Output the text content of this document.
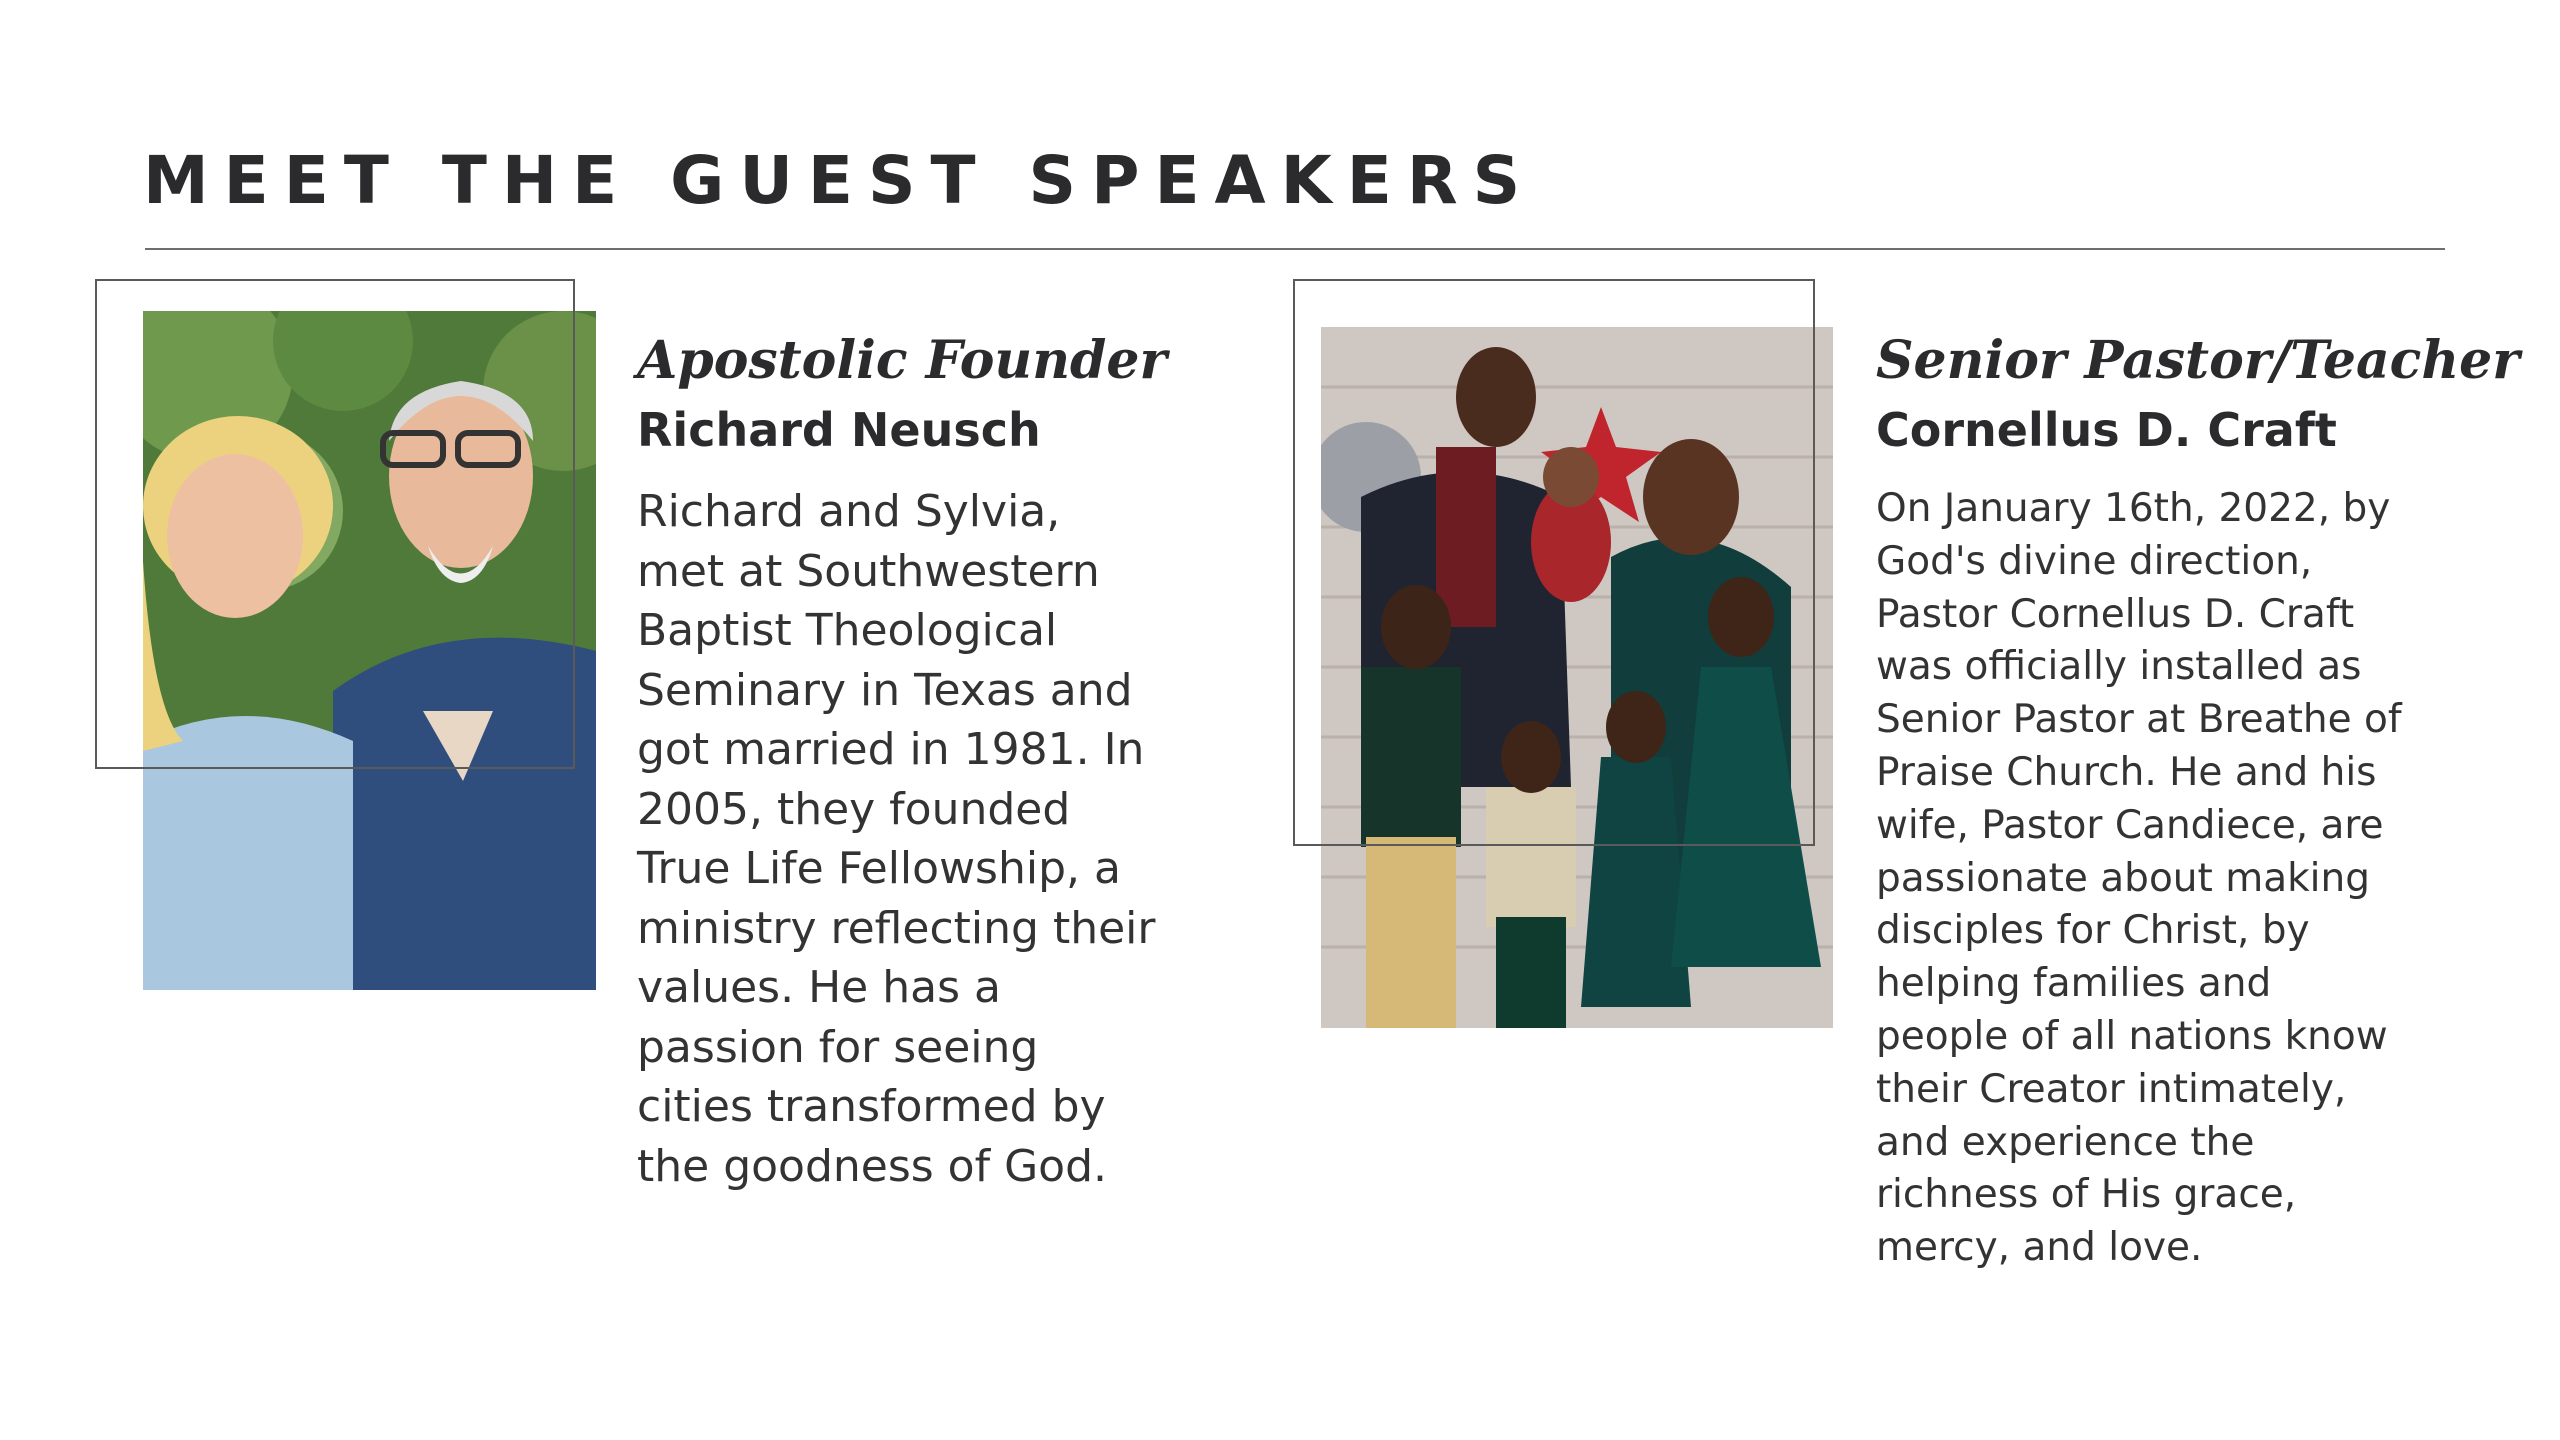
MEET THE GUEST SPEAKERS
Apostolic Founder
Richard Neusch

Richard and Sylvia,
met at Southwestern
Baptist Theological
Seminary in Texas and
got married in 1981. In
2005, they founded
True Life Fellowship, a
ministry reflecting their
values. He has a
passion for seeing
cities transformed by
the goodness of God.

Senior Pastor/Teacher
Cornellus D. Craft

On January 16th, 2022, by
God's divine direction,
Pastor Cornellus D. Craft
was officially installed as
Senior Pastor at Breathe of
Praise Church. He and his
wife, Pastor Candiece, are
passionate about making
disciples for Christ, by
helping families and
people of all nations know
their Creator intimately,
and experience the
richness of His grace,
mercy, and love.
